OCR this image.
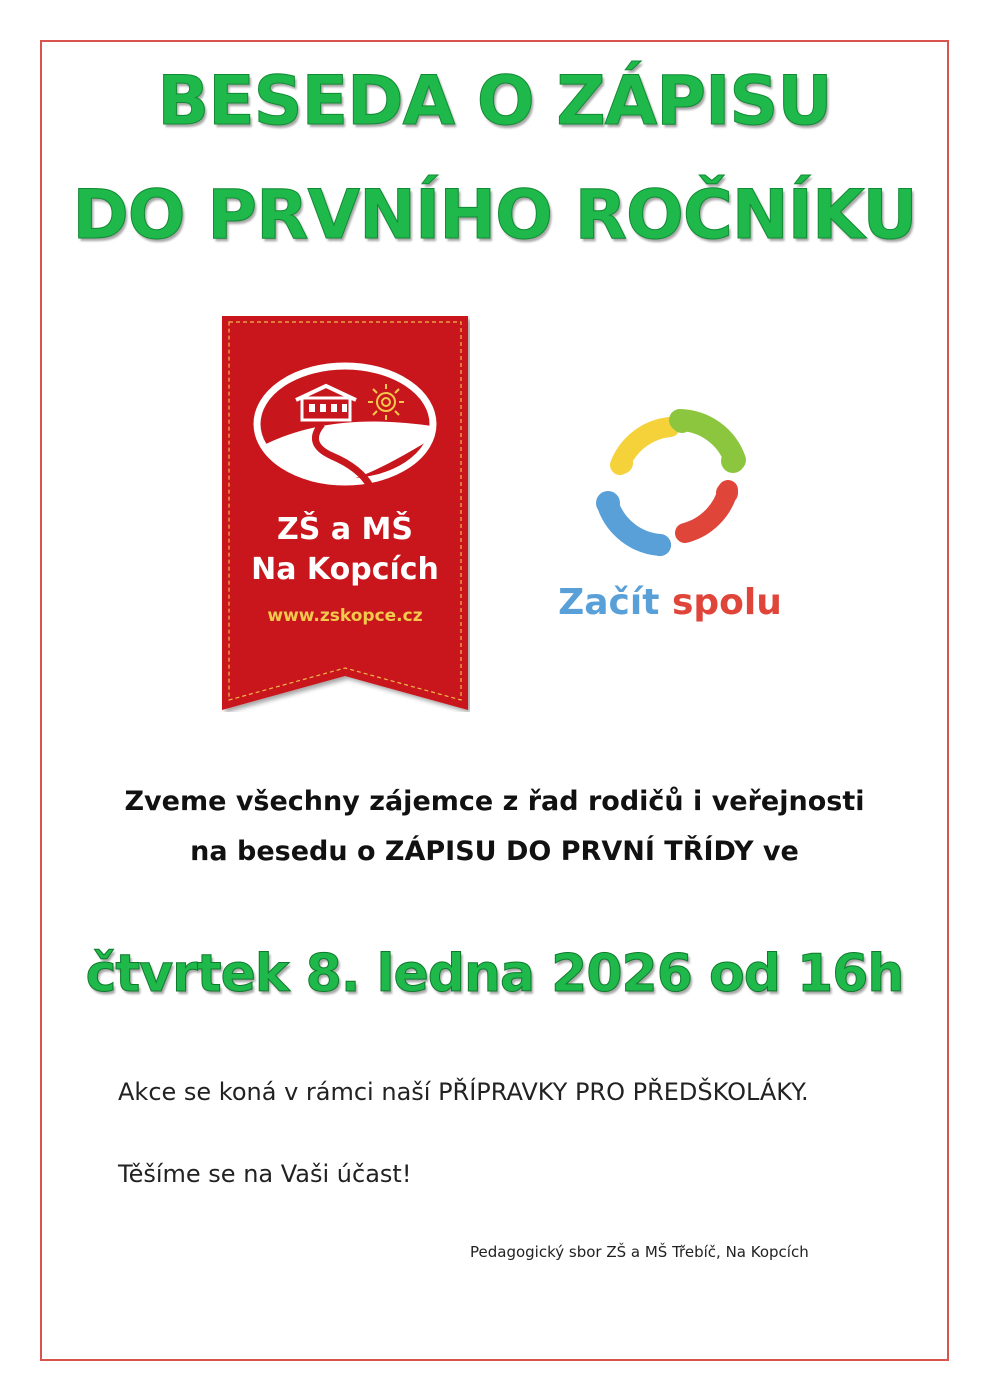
BESEDA O ZÁPISU
DO PRVNÍHO ROČNÍKU
ZŠ a MŠ
Na Kopcích
www.zskopce.cz	Začít spolu
Zveme všechny zájemce z řad rodičů i veřejnosti
na besedu o ZÁPISU DO PRVNÍ TŘÍDY ve
čtvrtek 8. ledna 2026 od 16h
Akce se koná v rámci naší PŘÍPRAVKY PRO PŘEDŠKOLÁKY.
Těšíme se na Vaši účast!
Pedagogický sbor ZŠ a MŠ Třebíč, Na Kopcích
